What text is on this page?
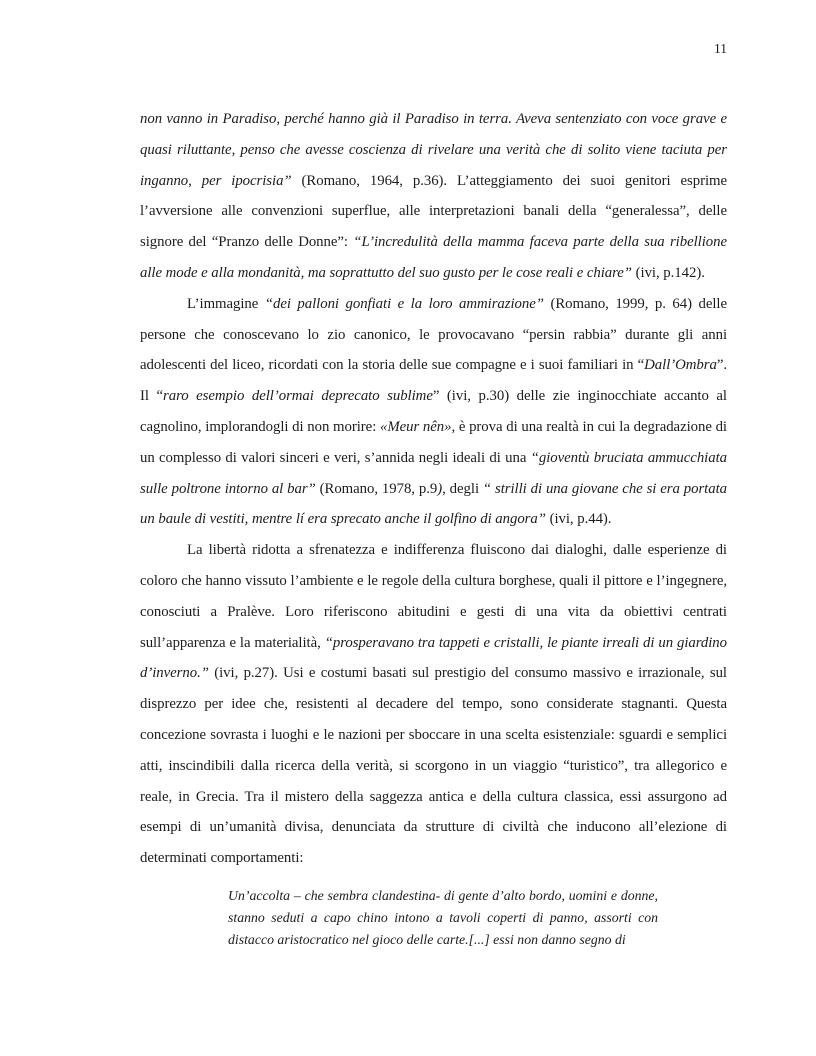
11

non vanno in Paradiso, perché hanno già il Paradiso in terra. Aveva sentenziato con voce grave e quasi riluttante, penso che avesse coscienza di rivelare una verità che di solito viene taciuta per inganno, per ipocrisia” (Romano, 1964, p.36). L’atteggiamento dei suoi genitori esprime l’avversione alle convenzioni superflue, alle interpretazioni banali della “generalessa”, delle signore del “Pranzo delle Donne”: “L’incredulità della mamma faceva parte della sua ribellione alle mode e alla mondanità, ma soprattutto del suo gusto per le cose reali e chiare” (ivi, p.142).

L’immagine “dei palloni gonfiati e la loro ammirazione” (Romano, 1999, p. 64) delle persone che conoscevano lo zio canonico, le provocavano “persin rabbia” durante gli anni adolescenti del liceo, ricordati con la storia delle sue compagne e i suoi familiari in “Dall’Ombra”. Il “raro esempio dell’ormai deprecato sublime” (ivi, p.30) delle zie inginocchiate accanto al cagnolino, implorandogli di non morire: «Meur nên», è prova di una realtà in cui la degradazione di un complesso di valori sinceri e veri, s’annida negli ideali di una “gioventù bruciata ammucchiata sulle poltrone intorno al bar” (Romano, 1978, p.9), degli “ strilli di una giovane che si era portata un baule di vestiti, mentre lí era sprecato anche il golfino di angora” (ivi, p.44).

La libertà ridotta a sfrenatezza e indifferenza fluiscono dai dialoghi, dalle esperienze di coloro che hanno vissuto l’ambiente e le regole della cultura borghese, quali il pittore e l’ingegnere, conosciuti a Pralève. Loro riferiscono abitudini e gesti di una vita da obiettivi centrati sull’apparenza e la materialità, “prosperavano tra tappeti e cristalli, le piante irreali di un giardino d’inverno.” (ivi, p.27). Usi e costumi basati sul prestigio del consumo massivo e irrazionale, sul disprezzo per idee che, resistenti al decadere del tempo, sono considerate stagnanti. Questa concezione sovrasta i luoghi e le nazioni per sboccare in una scelta esistenziale: sguardi e semplici atti, inscindibili dalla ricerca della verità, si scorgono in un viaggio “turistico”, tra allegorico e reale, in Grecia. Tra il mistero della saggezza antica e della cultura classica, essi assurgono ad esempi di un’umanità divisa, denunciata da strutture di civiltà che inducono all’elezione di determinati comportamenti:

Un’accolta – che sembra clandestina- di gente d’alto bordo, uomini e donne, stanno seduti a capo chino intono a tavoli coperti di panno, assorti con distacco aristocratico nel gioco delle carte.[...] essi non danno segno di
